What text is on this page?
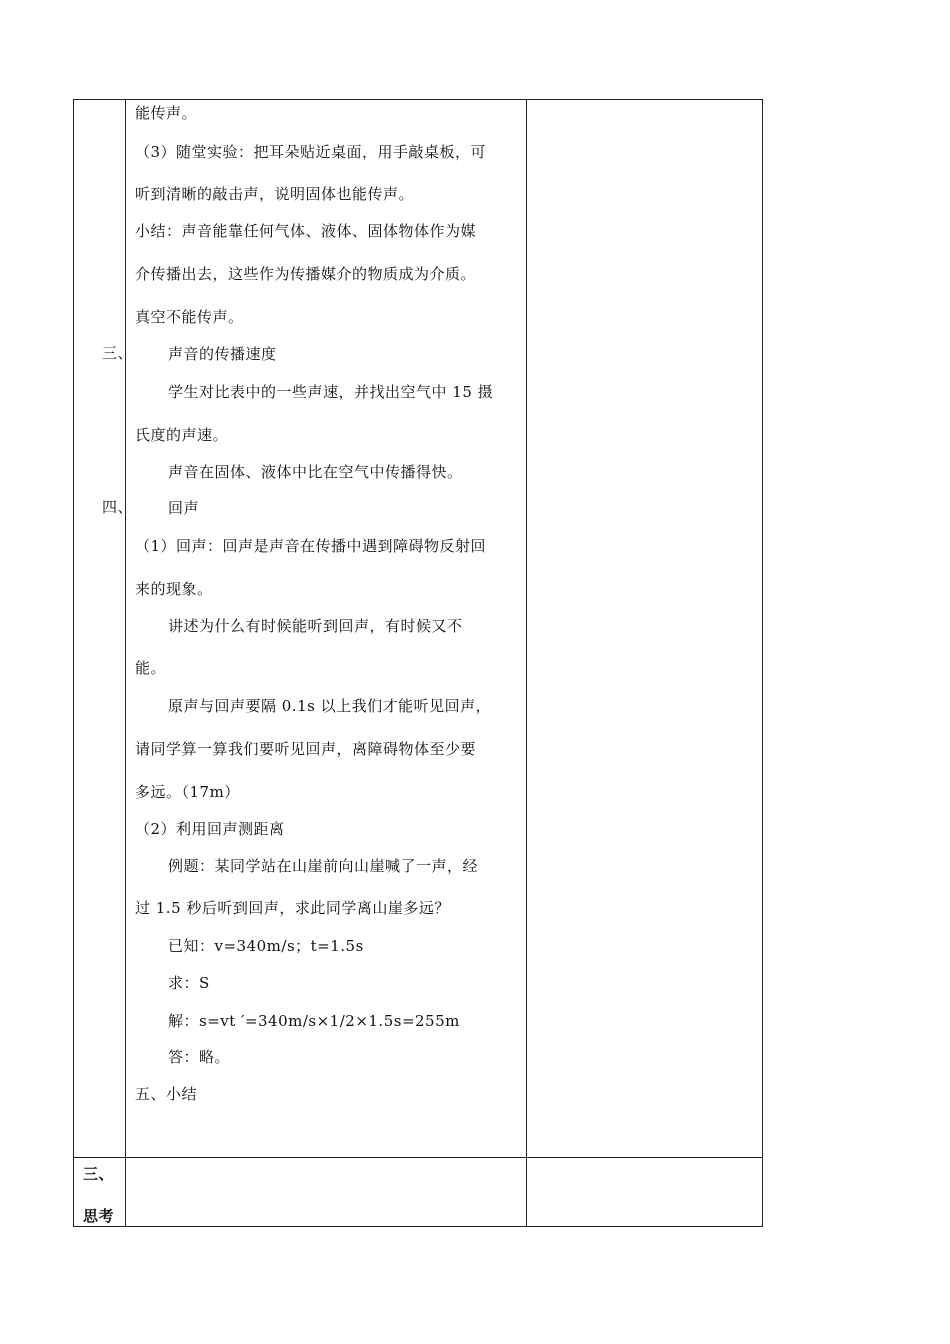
三、
四、
能传声。
（3）随堂实验：把耳朵贴近桌面，用手敲桌板，可
听到清晰的敲击声，说明固体也能传声。
小结：声音能靠任何气体、液体、固体物体作为媒
介传播出去，这些作为传播媒介的物质成为介质。
真空不能传声。
声音的传播速度
学生对比表中的一些声速，并找出空气中 15 摄
氏度的声速。
声音在固体、液体中比在空气中传播得快。
回声
（1）回声：回声是声音在传播中遇到障碍物反射回
来的现象。
讲述为什么有时候能听到回声，有时候又不
能。
原声与回声要隔 0.1s 以上我们才能听见回声，
请同学算一算我们要听见回声，离障碍物体至少要
多远。（17m）
（2）利用回声测距离
例题：某同学站在山崖前向山崖喊了一声，经
过 1.5 秒后听到回声，求此同学离山崖多远？
已知：v=340m/s；t=1.5s
求：S
解：s=vt ′=340m/s×1/2×1.5s=255m
答：略。
五、小结
三、
思考
